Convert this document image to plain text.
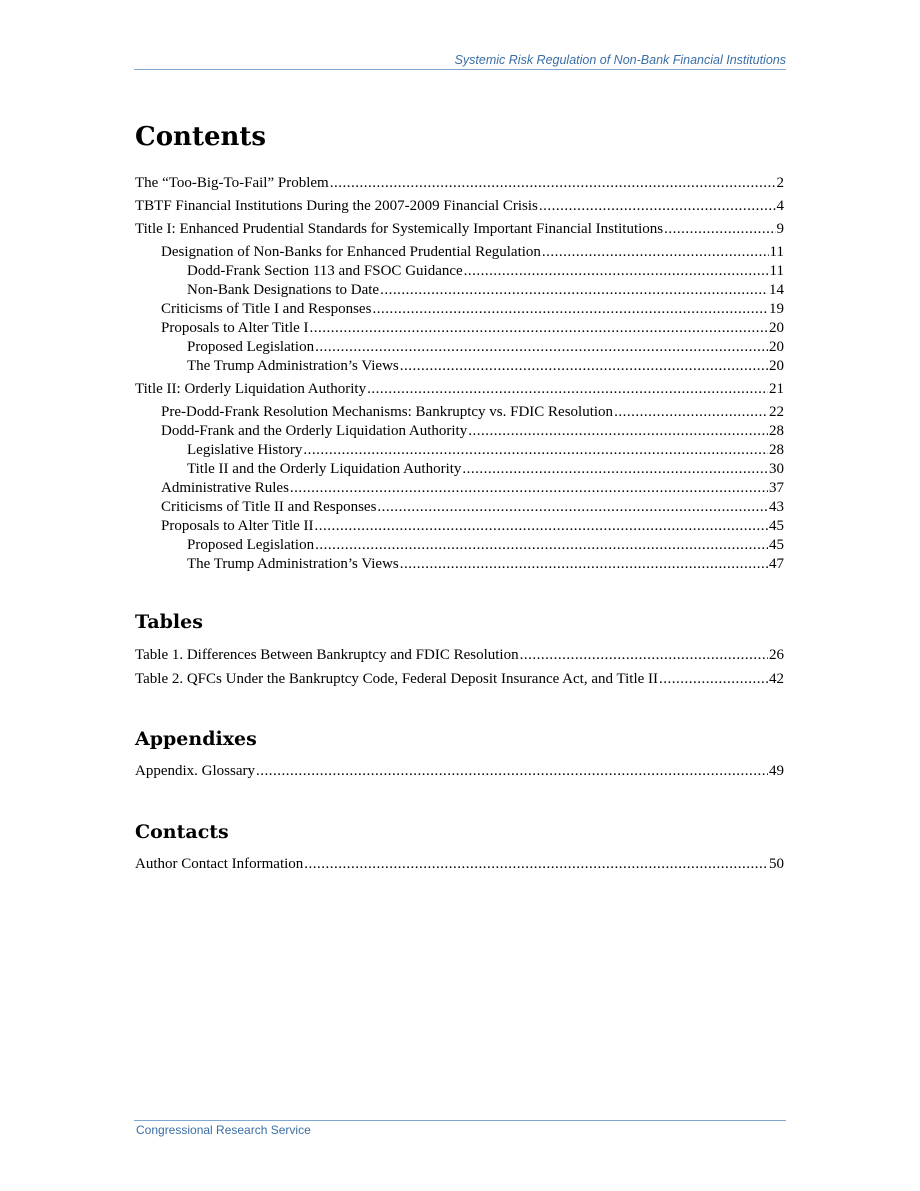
Systemic Risk Regulation of Non-Bank Financial Institutions
Contents
The “Too-Big-To-Fail” Problem .....	2
TBTF Financial Institutions During the 2007-2009 Financial Crisis .....	4
Title I: Enhanced Prudential Standards for Systemically Important Financial Institutions .....	9
Designation of Non-Banks for Enhanced Prudential Regulation .....	11
Dodd-Frank Section 113 and FSOC Guidance .....	11
Non-Bank Designations to Date .....	14
Criticisms of Title I and Responses .....	19
Proposals to Alter Title I .....	20
Proposed Legislation .....	20
The Trump Administration’s Views .....	20
Title II: Orderly Liquidation Authority .....	21
Pre-Dodd-Frank Resolution Mechanisms: Bankruptcy vs. FDIC Resolution .....	22
Dodd-Frank and the Orderly Liquidation Authority .....	28
Legislative History .....	28
Title II and the Orderly Liquidation Authority .....	30
Administrative Rules .....	37
Criticisms of Title II and Responses .....	43
Proposals to Alter Title II .....	45
Proposed Legislation .....	45
The Trump Administration’s Views .....	47
Tables
Table 1. Differences Between Bankruptcy and FDIC Resolution .....	26
Table 2. QFCs Under the Bankruptcy Code, Federal Deposit Insurance Act, and Title II .....	42
Appendixes
Appendix. Glossary .....	49
Contacts
Author Contact Information .....	50
Congressional Research Service
